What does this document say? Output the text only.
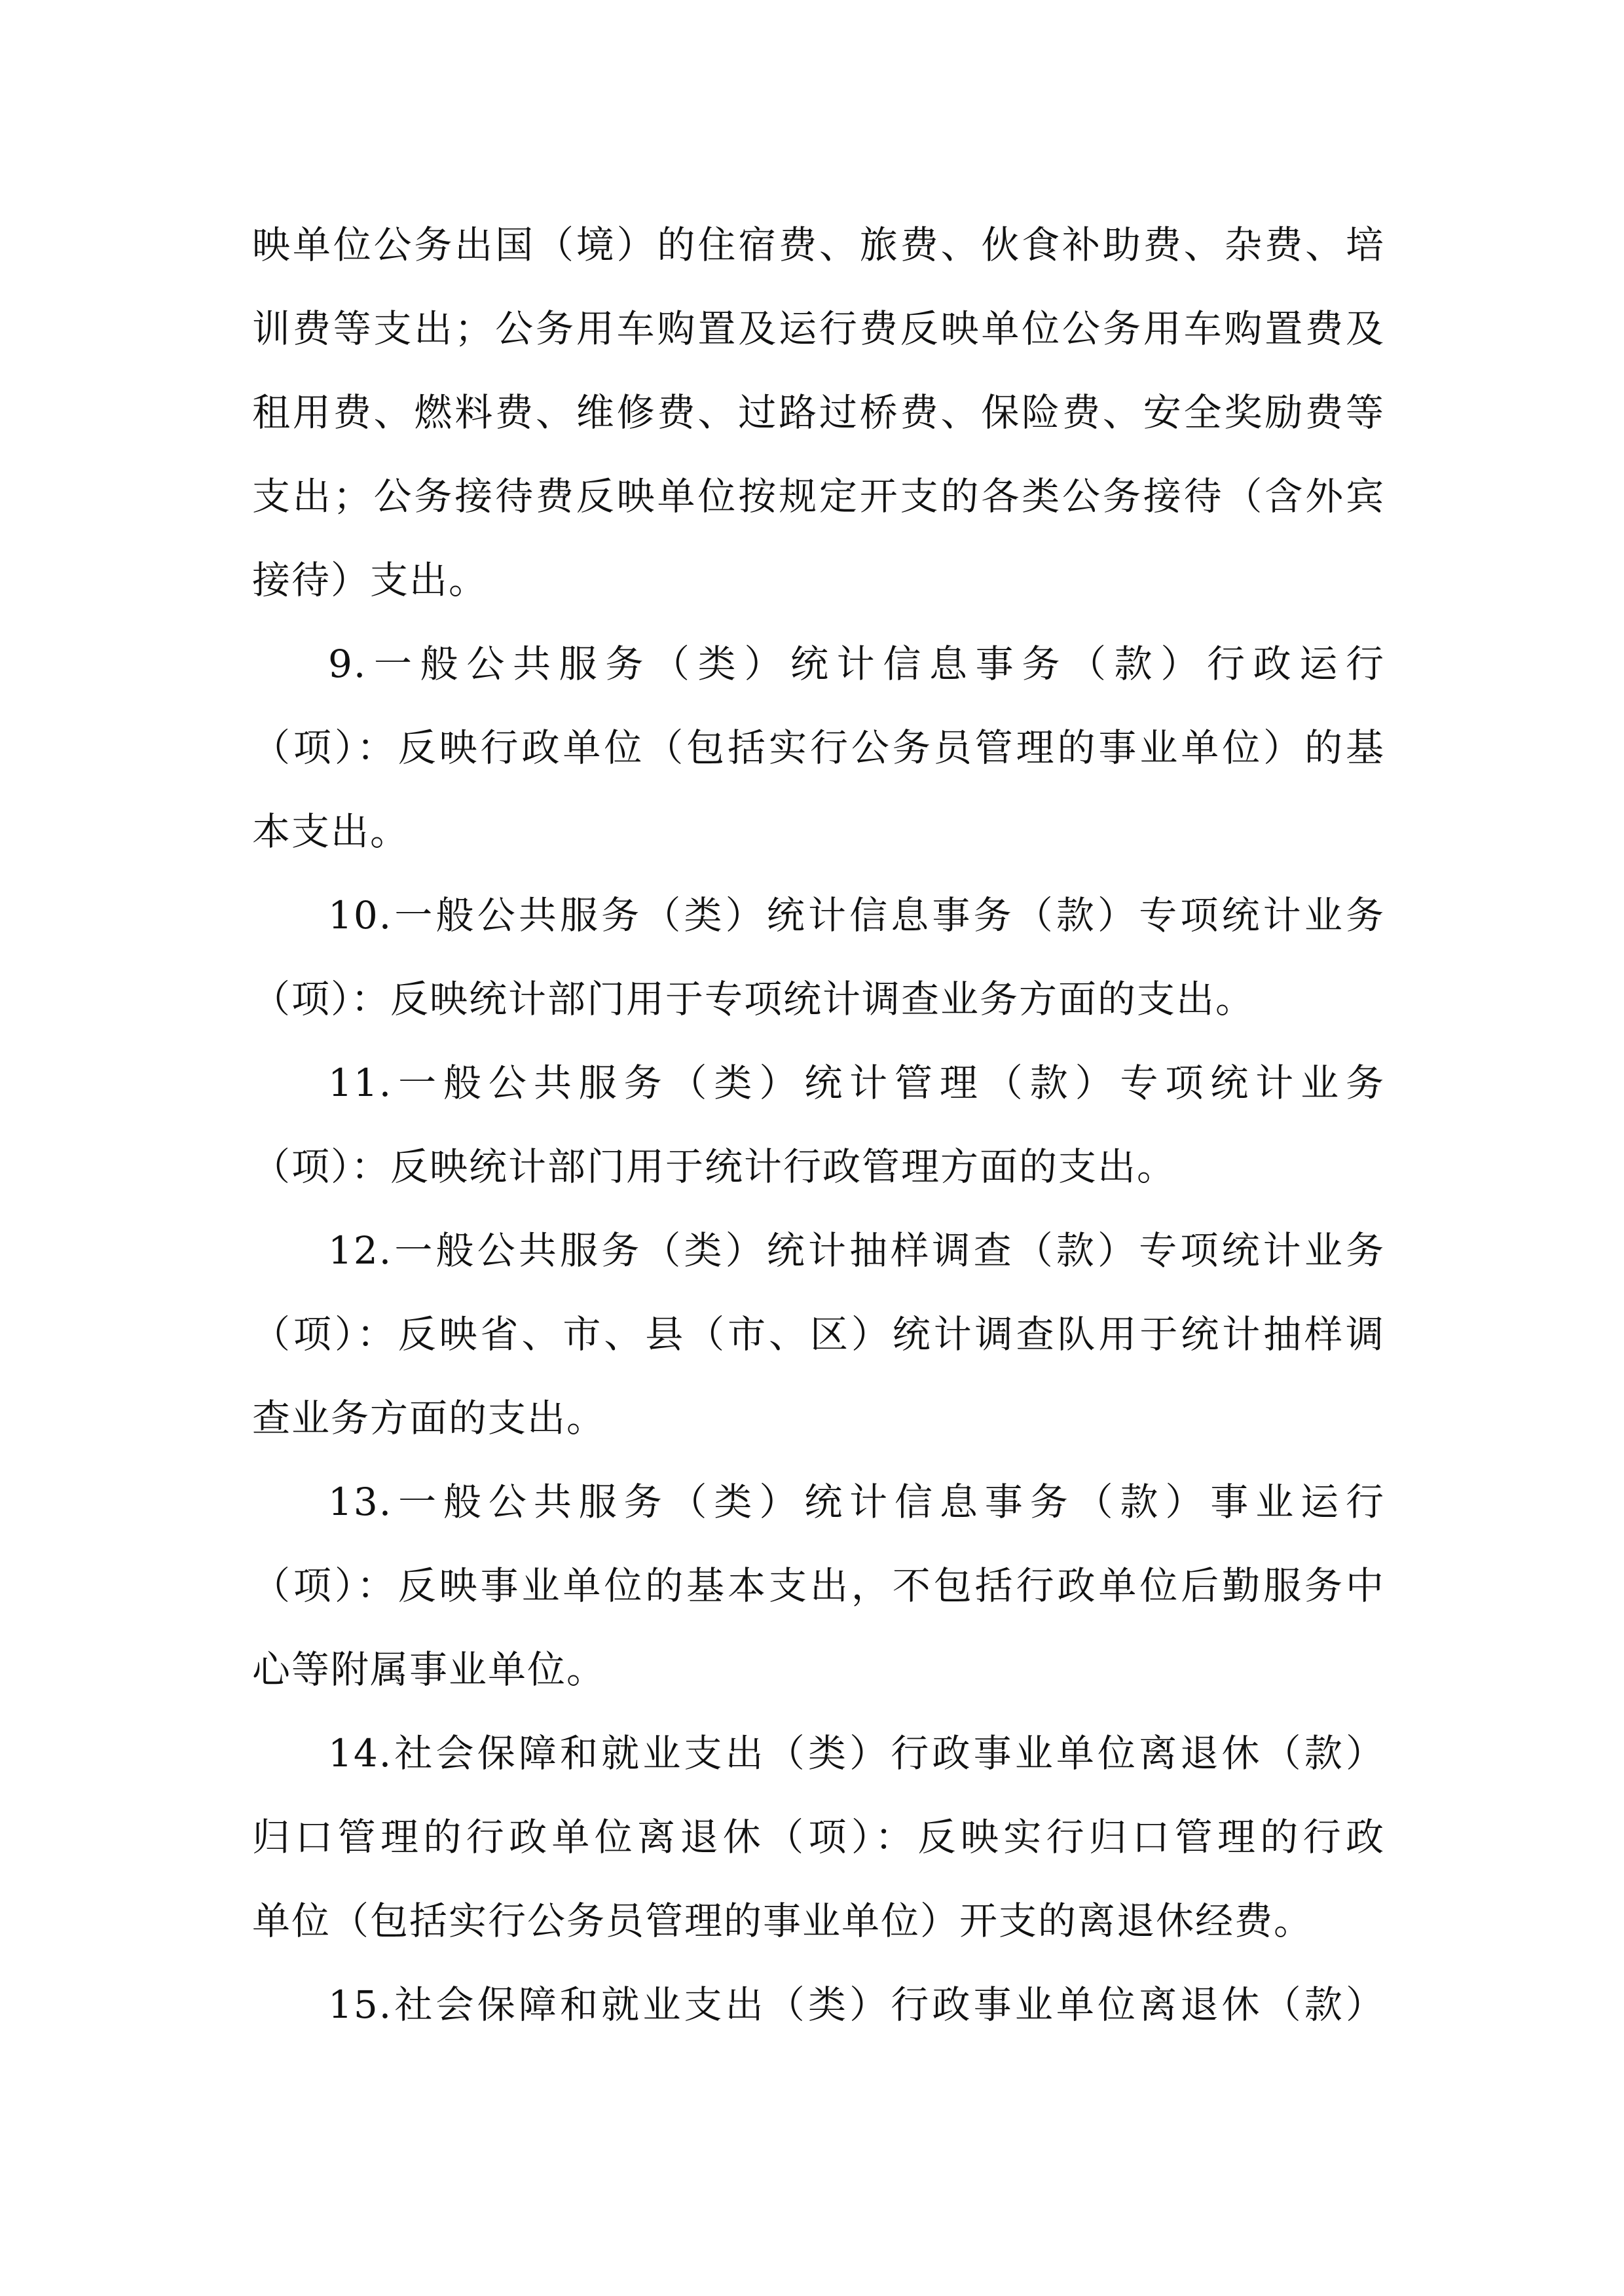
映单位公务出国（境）的住宿费、旅费、伙食补助费、杂费、培
训费等支出；公务用车购置及运行费反映单位公务用车购置费及
租用费、燃料费、维修费、过路过桥费、保险费、安全奖励费等
支出；公务接待费反映单位按规定开支的各类公务接待（含外宾
接待）支出。
9.一般公共服务（类）统计信息事务（款）行政运行
（项）：反映行政单位（包括实行公务员管理的事业单位）的基
本支出。
10.一般公共服务（类）统计信息事务（款）专项统计业务
（项）：反映统计部门用于专项统计调查业务方面的支出。
11.一般公共服务（类）统计管理（款）专项统计业务
（项）：反映统计部门用于统计行政管理方面的支出。
12.一般公共服务（类）统计抽样调查（款）专项统计业务
（项）：反映省、市、县（市、区）统计调查队用于统计抽样调
查业务方面的支出。
13.一般公共服务（类）统计信息事务（款）事业运行
（项）：反映事业单位的基本支出，不包括行政单位后勤服务中
心等附属事业单位。
14.社会保障和就业支出（类）行政事业单位离退休（款）
归口管理的行政单位离退休（项）：反映实行归口管理的行政
单位（包括实行公务员管理的事业单位）开支的离退休经费。
15.社会保障和就业支出（类）行政事业单位离退休（款）
